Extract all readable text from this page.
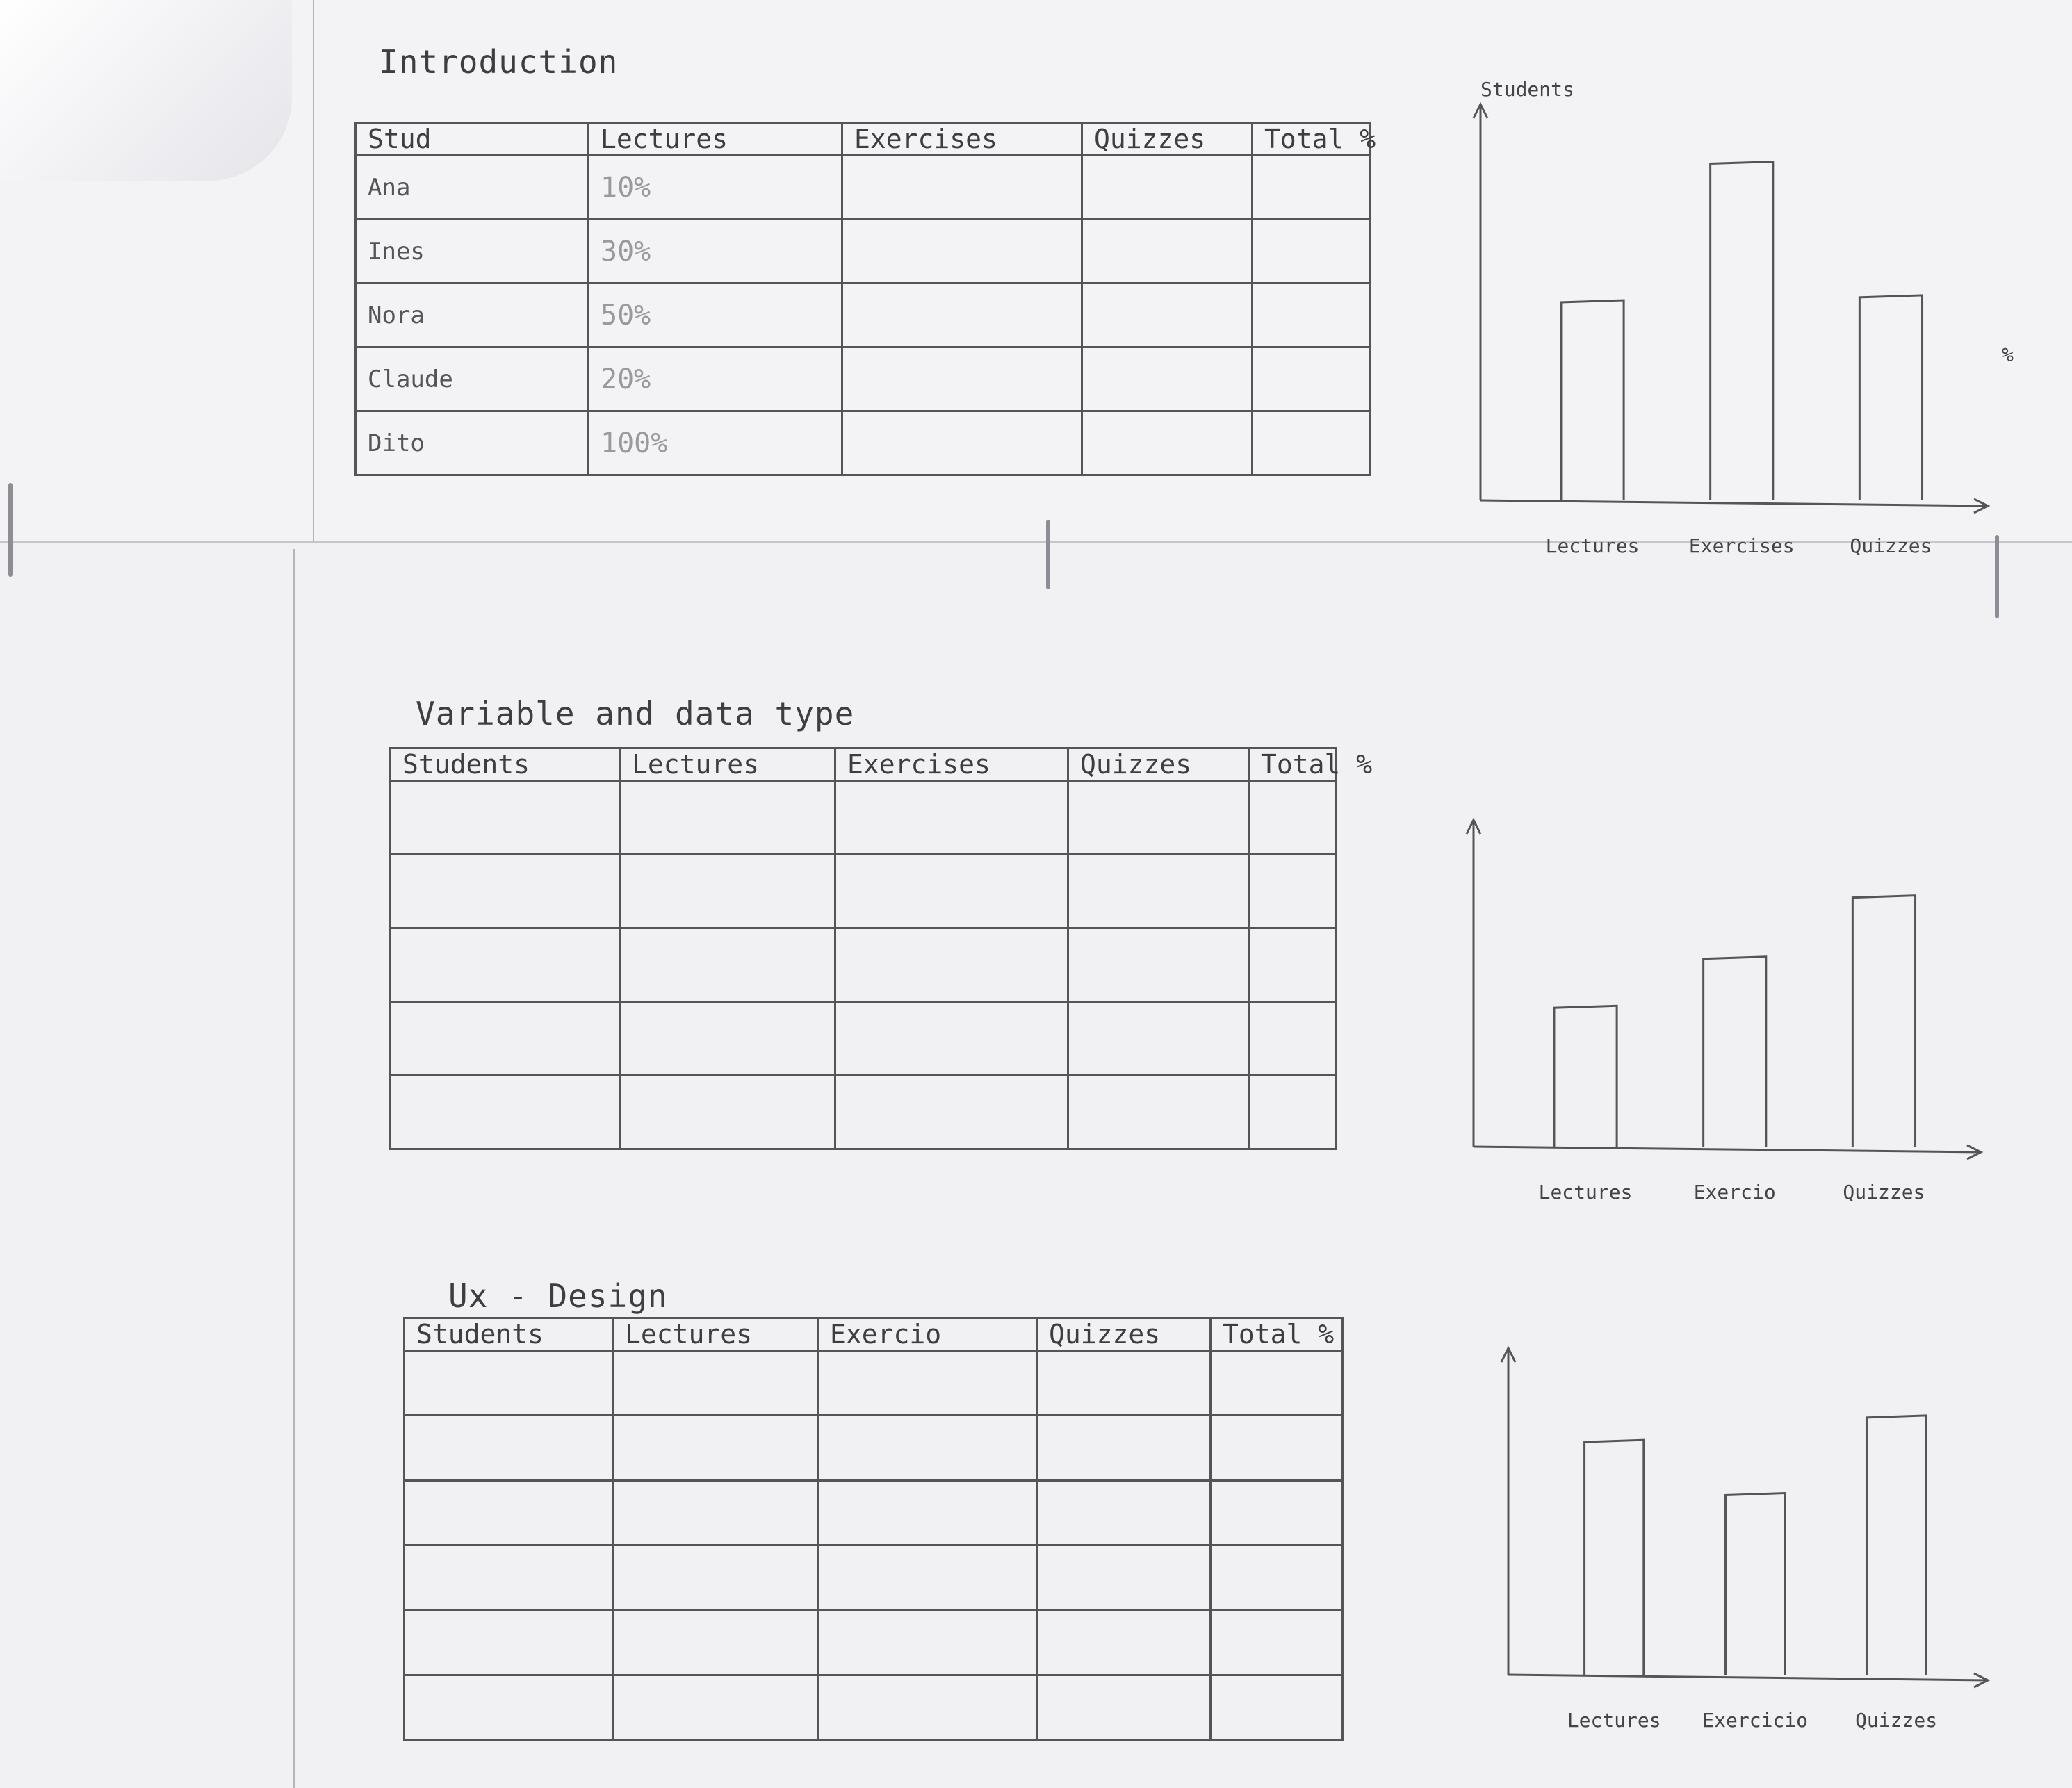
Introduction
Stud	Lectures	Exercises	Quizzes	Total %
Ana	10%			
Ines	30%			
Nora	50%			
Claude	20%			
Dito	100%			
Lectures	Exercises	Quizzes
Students
%
Variable and data type
Students	Lectures	Exercises	Quizzes	Total %

Lectures	Exercio	Quizzes
Ux - Design
Students	Lectures	Exercio	Quizzes	Total %

Lectures Exercicio Quizzes
